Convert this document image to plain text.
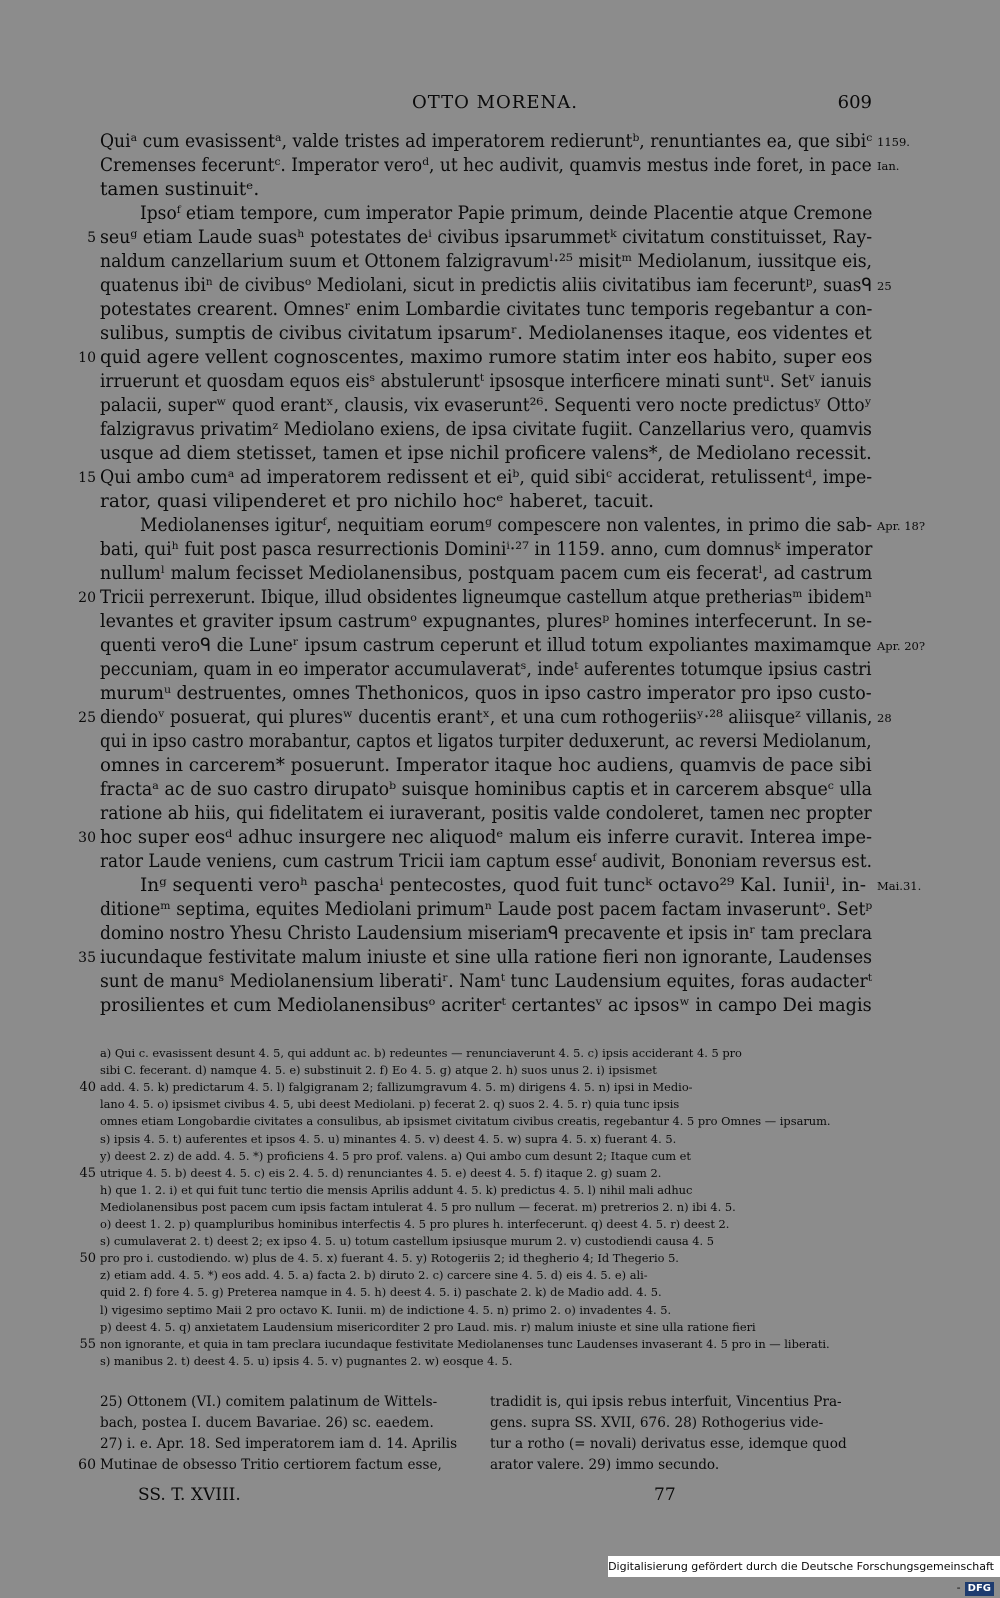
OTTO MORENA.	609
Quiᵃ cum evasissentᵃ, valde tristes ad imperatorem redieruntᵇ, renuntiantes ea, que sibiᶜ 1159.
Cremenses feceruntᶜ. Imperator verоᵈ, ut hec audivit, quamvis mestus inde foret, in pace Ian.
tamen sustinuitᵉ.
Ipsoᶠ etiam tempore, cum imperator Papie primum, deinde Placentie atque Cremone
seuᵍ etiam Laude suasʰ potestates deⁱ civibus ipsarummetᵏ civitatum constituisset, Ray-
5
naldum canzellarium suum et Ottonem falzigravumˡ·²⁵ misitᵐ Mediolanum, iussitque eis,
quatenus ibiⁿ de civibusᵒ Mediolani, sicut in predictis aliis civitatibus iam feceruntᵖ, suasᑫ 25
potestates crearent. Omnesʳ enim Lombardie civitates tunc temporis regebantur a con-
sulibus, sumptis de civibus civitatum ipsarumʳ. Mediolanenses itaque, eos videntes et
quid agere vellent cognoscentes, maximo rumore statim inter eos habito, super eos
10
irruerunt et quosdam equos eisˢ abstuleruntᵗ ipsosque interficere minati suntᵘ. Setᵛ ianuis
palacii, superʷ quod erantˣ, clausis, vix evaserunt²⁶. Sequenti vero nocte predictusʸ Ottoʸ
falzigravus privatimᶻ Mediolano exiens, de ipsa civitate fugiit. Canzellarius vero, quamvis
usque ad diem stetisset, tamen et ipse nichil proficere valens*, de Mediolano recessit.
Qui ambo cumᵃ ad imperatorem redissent et eiᵇ, quid sibiᶜ acciderat, retulissentᵈ, impe-
15
rator, quasi vilipenderet et pro nichilo hocᵉ haberet, tacuit.
Mediolanenses igiturᶠ, nequitiam eorumᵍ compescere non valentes, in primo die sab- Apr. 18?
bati, quiʰ fuit post pasca resurrectionis Dominiⁱ·²⁷ in 1159. anno, cum domnusᵏ imperator
nullumˡ malum fecisset Mediolanensibus, postquam pacem cum eis feceratˡ, ad castrum
Tricii perrexerunt. Ibique, illud obsidentes ligneumque castellum atque pretheriasᵐ ibidemⁿ
20
levantes et graviter ipsum castrumᵒ expugnantes, pluresᵖ homines interfecerunt. In se-
quenti veroᑫ die Luneʳ ipsum castrum ceperunt et illud totum expoliantes maximamque Apr. 20?
peccuniam, quam in eo imperator accumulaveratˢ, indeᵗ auferentes totumque ipsius castri
murumᵘ destruentes, omnes Thethonicos, quos in ipso castro imperator pro ipso custo-
diendoᵛ posuerat, qui pluresʷ ducentis erantˣ, et una cum rothogeriisʸ·²⁸ aliisqueᶻ villanis,
25	28
qui in ipso castro morabantur, captos et ligatos turpiter deduxerunt, ac reversi Mediolanum,
omnes in carcerem* posuerunt. Imperator itaque hoc audiens, quamvis de pace sibi
fractaᵃ ac de suo castro dirupatoᵇ suisque hominibus captis et in carcerem absqueᶜ ulla
ratione ab hiis, qui fidelitatem ei iuraverant, positis valde condoleret, tamen nec propter
hoc super eosᵈ adhuc insurgere nec aliquodᵉ malum eis inferre curavit. Interea impe-
30
rator Laude veniens, cum castrum Tricii iam captum esseᶠ audivit, Bononiam reversus est.
Inᵍ sequenti veroʰ paschaⁱ pentecostes, quod fuit tuncᵏ octavo²⁹ Kal. Iuniiˡ, in- Mai.31.
ditioneᵐ septima, equites Mediolani primumⁿ Laude post pacem factam invaseruntᵒ. Setᵖ
domino nostro Yhesu Christo Laudensium miseriamᑫ precavente et ipsis inʳ tam preclara
iucundaque festivitate malum iniuste et sine ulla ratione fieri non ignorante, Laudenses
35
sunt de manuˢ Mediolanensium liberatiʳ. Namᵗ tunc Laudensium equites, foras audacterᵗ
prosilientes et cum Mediolanensibusᵒ acriterᵗ certantesᵛ ac ipsosʷ in campo Dei magis
a) Qui c. evasissent desunt 4. 5, qui addunt ac. b) redeuntes — renunciaverunt 4. 5. c) ipsis acciderant 4. 5 pro
sibi C. fecerant. d) namque 4. 5. e) substinuit 2. f) Eo 4. 5. g) atque 2. h) suos unus 2. i) ipsismet
add. 4. 5. k) predictarum 4. 5. l) falgigranam 2; fallizumgravum 4. 5. m) dirigens 4. 5. n) ipsi in Medio-
40
lano 4. 5. o) ipsismet civibus 4. 5, ubi deest Mediolani. p) fecerat 2. q) suos 2. 4. 5. r) quia tunc ipsis
omnes etiam Longobardie civitates a consulibus, ab ipsismet civitatum civibus creatis, regebantur 4. 5 pro Omnes — ipsarum.
s) ipsis 4. 5. t) auferentes et ipsos 4. 5. u) minantes 4. 5. v) deest 4. 5. w) supra 4. 5. x) fuerant 4. 5.
y) deest 2. z) de add. 4. 5. *) proficiens 4. 5 pro prof. valens. a) Qui ambo cum desunt 2; Itaque cum et
utrique 4. 5. b) deest 4. 5. c) eis 2. 4. 5. d) renunciantes 4. 5. e) deest 4. 5. f) itaque 2. g) suam 2.
45
h) que 1. 2. i) et qui fuit tunc tertio die mensis Aprilis addunt 4. 5. k) predictus 4. 5. l) nihil mali adhuc
Mediolanensibus post pacem cum ipsis factam intulerat 4. 5 pro nullum — fecerat. m) pretrerios 2. n) ibi 4. 5.
o) deest 1. 2. p) quampluribus hominibus interfectis 4. 5 pro plures h. interfecerunt. q) deest 4. 5. r) deest 2.
s) cumulaverat 2. t) deest 2; ex ipso 4. 5. u) totum castellum ipsiusque murum 2. v) custodiendi causa 4. 5
pro pro i. custodiendo. w) plus de 4. 5. x) fuerant 4. 5. y) Rotogeriis 2; id theghеrio 4; Id Thegerio 5.
50
z) etiam add. 4. 5. *) eos add. 4. 5. a) facta 2. b) diruto 2. c) carcere sine 4. 5. d) eis 4. 5. e) ali-
quid 2. f) fore 4. 5. g) Preterea namque in 4. 5. h) deest 4. 5. i) paschate 2. k) de Madio add. 4. 5.
l) vigesimo septimo Maii 2 pro octavo K. Iunii. m) de indictione 4. 5. n) primo 2. o) invadentes 4. 5.
p) deest 4. 5. q) anxietatem Laudensium misericorditer 2 pro Laud. mis. r) malum iniuste et sine ulla ratione fieri
non ignorante, et quia in tam preclara iucundaque festivitate Mediolanenses tunc Laudenses invaserant 4. 5 pro in — liberati.
55
s) manibus 2. t) deest 4. 5. u) ipsis 4. 5. v) pugnantes 2. w) eosque 4. 5.
25) Ottonem (VI.) comitem palatinum de Wittels-
bach, postea I. ducem Bavariae. 26) sc. eaedem.
27) i. e. Apr. 18. Sed imperatorem iam d. 14. Aprilis
Mutinae de obsesso Tritio certiorem factum esse,
tradidit is, qui ipsis rebus interfuit, Vincentius Pra-
gens. supra SS. XVII, 676. 28) Rothogerius vide-
tur a rotho (= novali) derivatus esse, idemque quod
arator valere. 29) immo secundo.
60
SS. T. XVIII.	77
Digitalisierung gefördert durch die Deutsche Forschungsgemeinschaft - DFG
